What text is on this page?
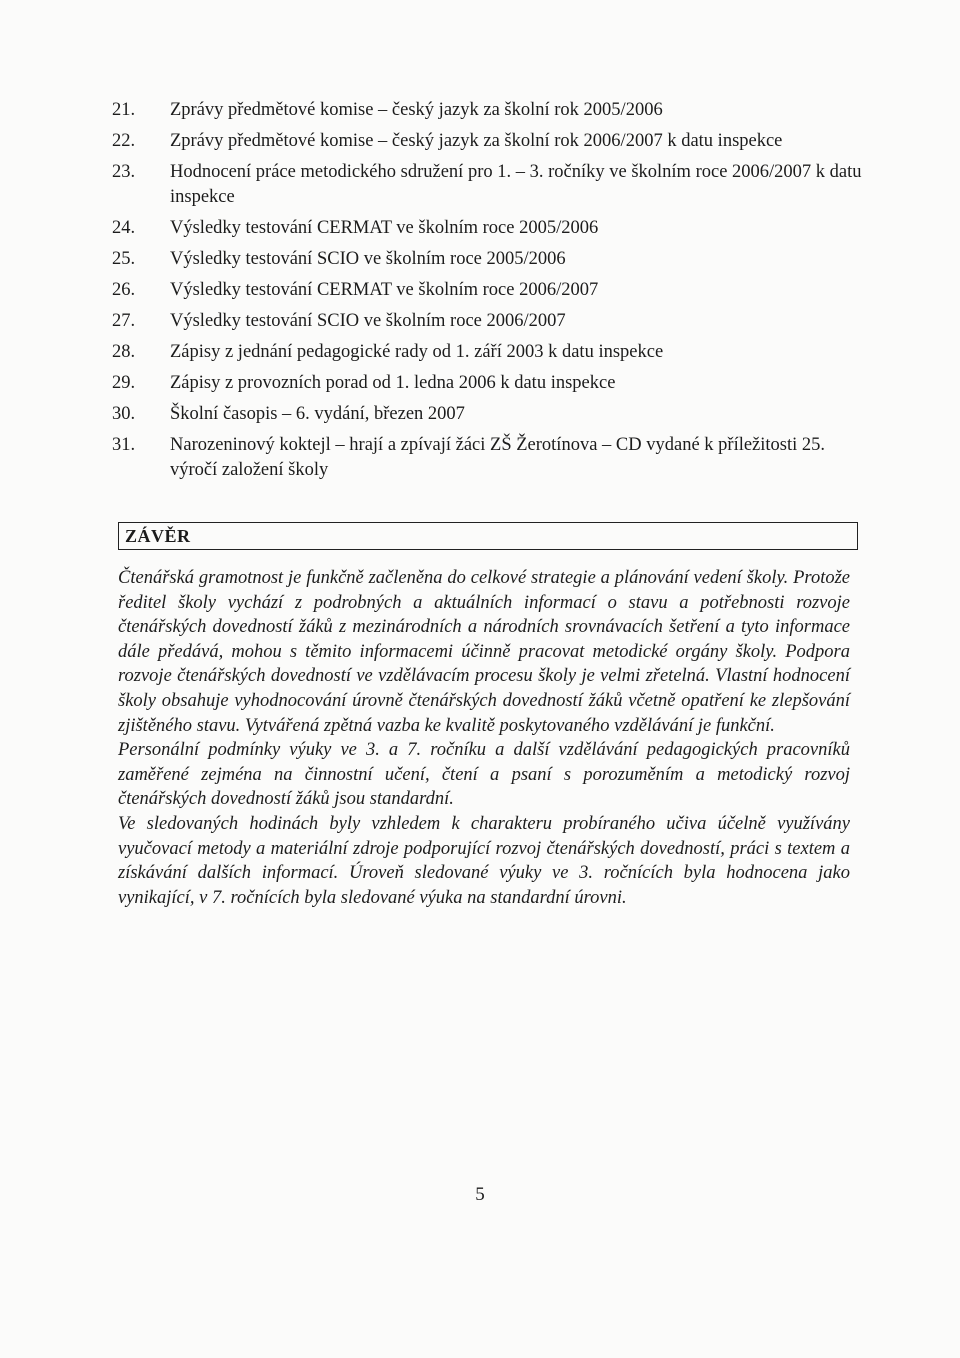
21.	Zprávy předmětové komise – český jazyk za školní rok 2005/2006
22.	Zprávy předmětové komise – český jazyk za školní rok 2006/2007 k datu inspekce
23.	Hodnocení práce metodického sdružení pro 1. – 3. ročníky ve školním roce 2006/2007 k datu inspekce
24.	Výsledky testování CERMAT ve školním roce 2005/2006
25.	Výsledky testování SCIO ve školním roce 2005/2006
26.	Výsledky testování CERMAT ve školním roce 2006/2007
27.	Výsledky testování SCIO ve školním roce 2006/2007
28.	Zápisy z jednání pedagogické rady od 1. září 2003 k datu inspekce
29.	Zápisy z provozních porad od 1. ledna 2006 k datu inspekce
30.	Školní časopis – 6. vydání, březen 2007
31.	Narozeninový koktejl – hrají a zpívají žáci ZŠ Žerotínova – CD vydané k příležitosti 25. výročí založení školy
ZÁVĚR

Čtenářská gramotnost je funkčně začleněna do celkové strategie a plánování vedení školy. Protože ředitel školy vychází z podrobných a aktuálních informací o stavu a potřebnosti rozvoje čtenářských dovedností žáků z mezinárodních a národních srovnávacích šetření a tyto informace dále předává, mohou s těmito informacemi účinně pracovat metodické orgány školy. Podpora rozvoje čtenářských dovedností ve vzdělávacím procesu školy je velmi zřetelná. Vlastní hodnocení školy obsahuje vyhodnocování úrovně čtenářských dovedností žáků včetně opatření ke zlepšování zjištěného stavu. Vytvářená zpětná vazba ke kvalitě poskytovaného vzdělávání je funkční.

Personální podmínky výuky ve 3. a 7. ročníku a další vzdělávání pedagogických pracovníků zaměřené zejména na činnostní učení, čtení a psaní s porozuměním a metodický rozvoj čtenářských dovedností žáků jsou standardní.

Ve sledovaných hodinách byly vzhledem k charakteru probíraného učiva účelně využívány vyučovací metody a materiální zdroje podporující rozvoj čtenářských dovedností, práci s textem a získávání dalších informací. Úroveň sledované výuky ve 3. ročnících byla hodnocena jako vynikající, v 7. ročnících byla sledované výuka na standardní úrovni.

5
